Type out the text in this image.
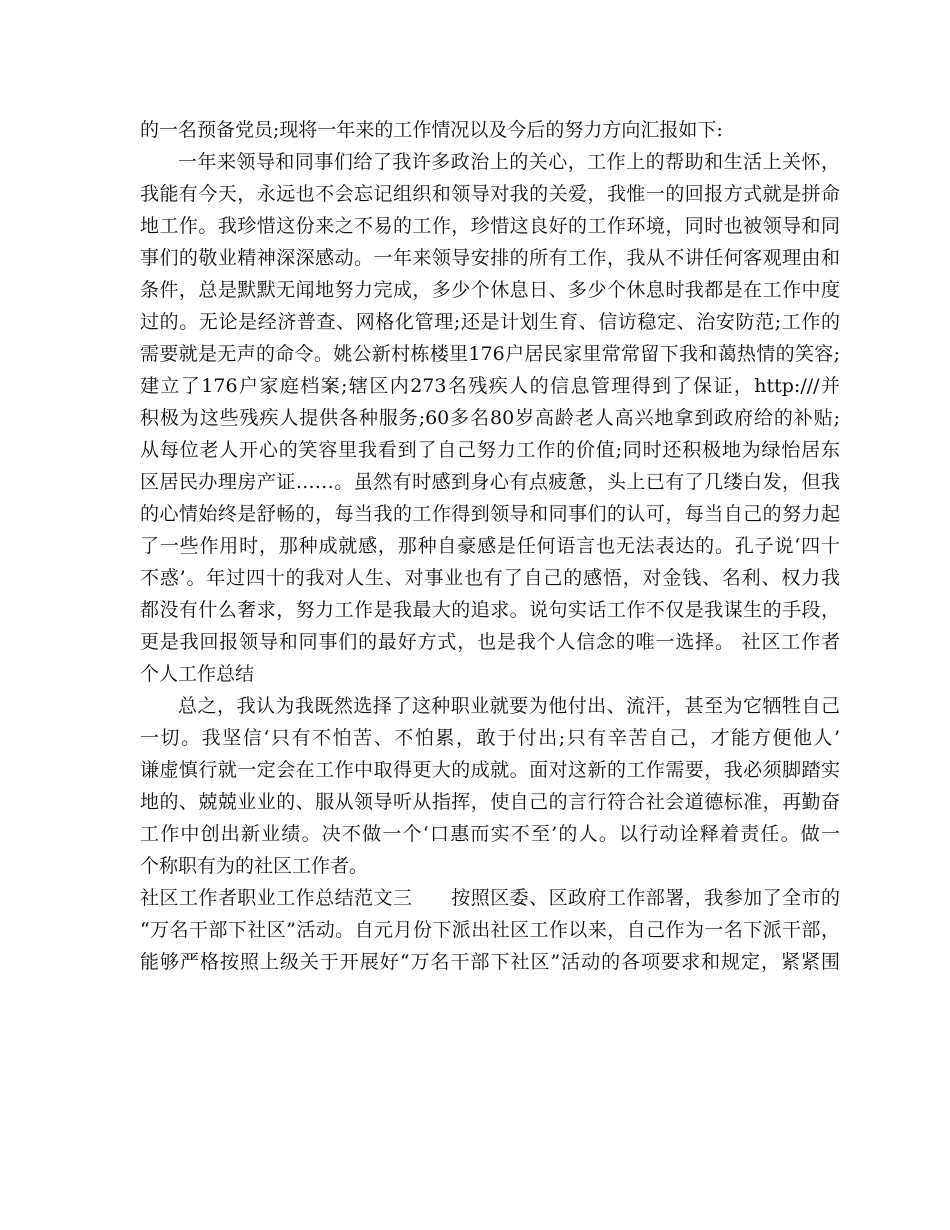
的一名预备党员;现将一年来的工作情况以及今后的努力方向汇报如下:
一年来领导和同事们给了我许多政治上的关心，工作上的帮助和生活上关怀，
我能有今天，永远也不会忘记组织和领导对我的关爱，我惟一的回报方式就是拼命
地工作。我珍惜这份来之不易的工作，珍惜这良好的工作环境，同时也被领导和同
事们的敬业精神深深感动。一年来领导安排的所有工作，我从不讲任何客观理由和
条件，总是默默无闻地努力完成，多少个休息日、多少个休息时我都是在工作中度
过的。无论是经济普查、网格化管理;还是计划生育、信访稳定、治安防范;工作的
需要就是无声的命令。姚公新村栋楼里176户居民家里常常留下我和蔼热情的笑容;
建立了176户家庭档案;辖区内273名残疾人的信息管理得到了保证，http:///并
积极为这些残疾人提供各种服务;60多名80岁高龄老人高兴地拿到政府给的补贴;
从每位老人开心的笑容里我看到了自己努力工作的价值;同时还积极地为绿怡居东
区居民办理房产证……。虽然有时感到身心有点疲惫，头上已有了几缕白发，但我
的心情始终是舒畅的，每当我的工作得到领导和同事们的认可，每当自己的努力起
了一些作用时，那种成就感，那种自豪感是任何语言也无法表达的。孔子说‘四十
不惑’。年过四十的我对人生、对事业也有了自己的感悟，对金钱、名利、权力我
都没有什么奢求，努力工作是我最大的追求。说句实话工作不仅是我谋生的手段，
更是我回报领导和同事们的最好方式，也是我个人信念的唯一选择。 社区工作者
个人工作总结
总之，我认为我既然选择了这种职业就要为他付出、流汗，甚至为它牺牲自己
一切。我坚信‘只有不怕苦、不怕累，敢于付出;只有辛苦自己，才能方便他人’
谦虚慎行就一定会在工作中取得更大的成就。面对这新的工作需要，我必须脚踏实
地的、兢兢业业的、服从领导听从指挥，使自己的言行符合社会道德标准，再勤奋
工作中创出新业绩。决不做一个‘口惠而实不至’的人。以行动诠释着责任。做一
个称职有为的社区工作者。
社区工作者职业工作总结范文三　　按照区委、区政府工作部署，我参加了全市的
“万名干部下社区”活动。自元月份下派出社区工作以来，自己作为一名下派干部，
能够严格按照上级关于开展好“万名干部下社区”活动的各项要求和规定，紧紧围
